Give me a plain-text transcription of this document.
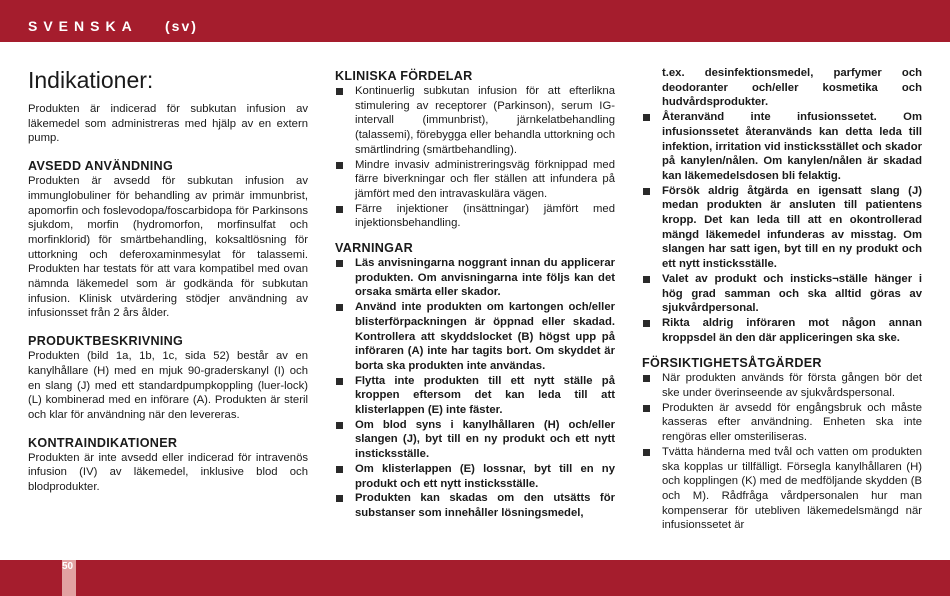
SVENSKA (sv)
Indikationer:

Produkten är indicerad för subkutan infusion av läkemedel som administreras med hjälp av en extern pump.

AVSEDD ANVÄNDNING

Produkten är avsedd för subkutan infusion av immunglobuliner för behandling av primär immunbrist, apomorfin och foslevodopa/foscarbidopa för Parkinsons sjukdom, morfin (hydromorfon, morfinsulfat och morfinklorid) för smärtbehandling, koksaltlösning för uttorkning och deferoxaminmesylat för talassemi. Produkten har testats för att vara kompatibel med ovan nämnda läkemedel som är godkända för subkutan infusion. Klinisk utvärdering stödjer användning av infusionsset från 2 års ålder.

PRODUKTBESKRIVNING

Produkten (bild 1a, 1b, 1c, sida 52) består av en kanylhållare (H) med en mjuk 90-graderskanyl (I) och en slang (J) med ett standardpumpkoppling (luer-lock) (L) kombinerad med en införare (A). Produkten är steril och klar för användning när den levereras.

KONTRAINDIKATIONER

Produkten är inte avsedd eller indicerad för intravenös infusion (IV) av läkemedel, inklusive blod och blodprodukter.

KLINISKA FÖRDELAR
Kontinuerlig subkutan infusion för att efterlikna stimulering av receptorer (Parkinson), serum IG-intervall (immunbrist), järnkelatbehandling (talassemi), förebygga eller behandla uttorkning och smärtlindring (smärtbehandling).
Mindre invasiv administreringsväg förknippad med färre biverkningar och fler ställen att infundera på jämfört med den intravaskulära vägen.
Färre injektioner (insättningar) jämfört med injektionsbehandling.
VARNINGAR
Läs anvisningarna noggrant innan du applicerar produkten. Om anvisningarna inte följs kan det orsaka smärta eller skador.
Använd inte produkten om kartongen och/eller blisterförpackningen är öppnad eller skadad. Kontrollera att skyddslocket (B) högst upp på införaren (A) inte har tagits bort. Om skyddet är borta ska produkten inte användas.
Flytta inte produkten till ett nytt ställe på kroppen eftersom det kan leda till att klisterlappen (E) inte fäster.
Om blod syns i kanylhållaren (H) och/eller slangen (J), byt till en ny produkt och ett nytt insticksställe.
Om klisterlappen (E) lossnar, byt till en ny produkt och ett nytt insticksställe.
Produkten kan skadas om den utsätts för substanser som innehåller lösningsmedel,
t.ex. desinfektionsmedel, parfymer och deodoranter och/eller kosmetika och hudvårdsprodukter.
Återanvänd inte infusionssetet. Om infusionssetet återanvänds kan detta leda till infektion, irritation vid insticksstället och skador på kanylen/nålen. Om kanylen/nålen är skadad kan läkemedelsdosen bli felaktig.
Försök aldrig åtgärda en igensatt slang (J) medan produkten är ansluten till patientens kropp. Det kan leda till att en okontrollerad mängd läkemedel infunderas av misstag. Om slangen har satt igen, byt till en ny produkt och ett nytt insticksställe.
Valet av produkt och insticks¬ställe hänger i hög grad samman och ska alltid göras av sjukvårdpersonal.
Rikta aldrig införaren mot någon annan kroppsdel än den där appliceringen ska ske.
FÖRSIKTIGHETSÅTGÄRDER
När produkten används för första gången bör det ske under överinseende av sjukvårdspersonal.
Produkten är avsedd för engångsbruk och måste kasseras efter användning. Enheten ska inte rengöras eller omsteriliseras.
Tvätta händerna med tvål och vatten om produkten ska kopplas ur tillfälligt. Försegla kanylhållaren (H) och kopplingen (K) med de medföljande skydden (B och M). Rådfråga vårdpersonalen hur man kompenserar för utebliven läkemedelsmängd när infusionssetet är
50
